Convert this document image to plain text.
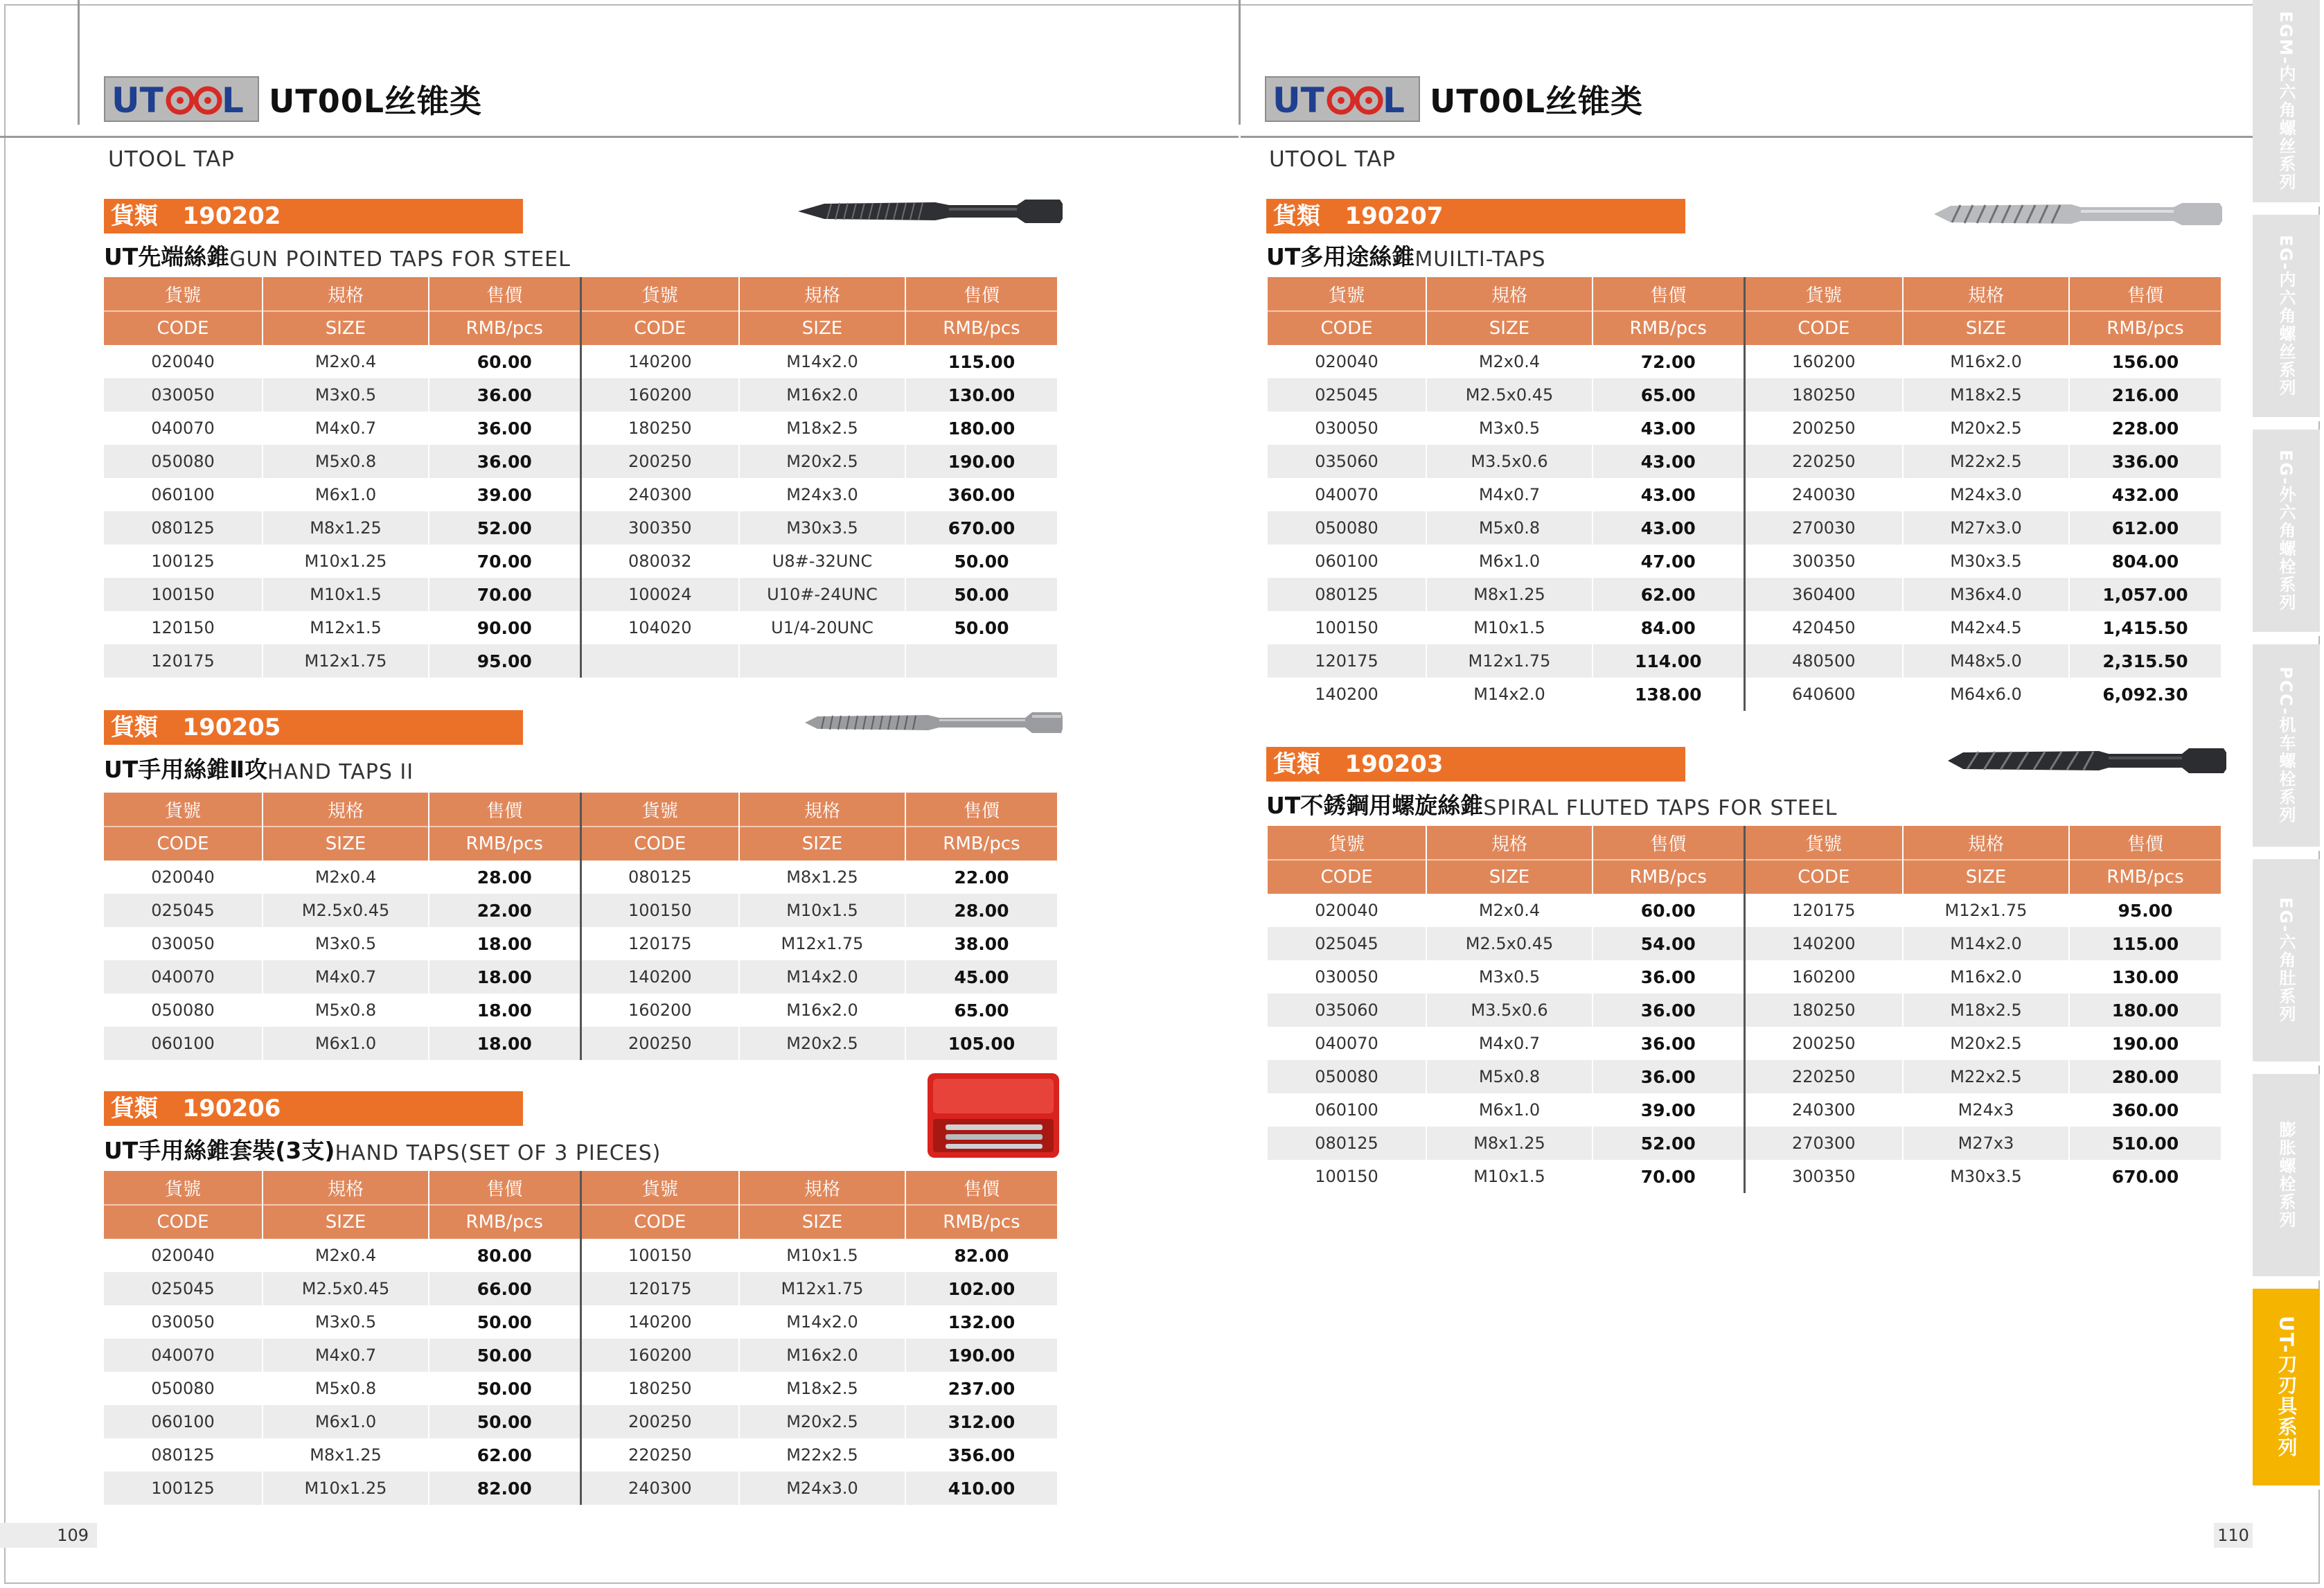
UT L UT00L丝锥类
UTOOL TAP
UT L UT00L丝锥类
UTOOL TAP
貨類   190202
UT先端絲錐 GUN POINTED TAPS FOR STEEL
貨號	規格	售價	貨號	規格	售價
CODE	SIZE	RMB/pcs	CODE	SIZE	RMB/pcs
020040	M2x0.4	60.00	140200	M14x2.0	115.00
030050	M3x0.5	36.00	160200	M16x2.0	130.00
040070	M4x0.7	36.00	180250	M18x2.5	180.00
050080	M5x0.8	36.00	200250	M20x2.5	190.00
060100	M6x1.0	39.00	240300	M24x3.0	360.00
080125	M8x1.25	52.00	300350	M30x3.5	670.00
100125	M10x1.25	70.00	080032	U8#-32UNC	50.00
100150	M10x1.5	70.00	100024	U10#-24UNC	50.00
120150	M12x1.5	90.00	104020	U1/4-20UNC	50.00
120175	M12x1.75	95.00			
貨類   190205
UT手用絲錐Ⅱ攻 HAND TAPS II
貨號	規格	售價	貨號	規格	售價
CODE	SIZE	RMB/pcs	CODE	SIZE	RMB/pcs
020040	M2x0.4	28.00	080125	M8x1.25	22.00
025045	M2.5x0.45	22.00	100150	M10x1.5	28.00
030050	M3x0.5	18.00	120175	M12x1.75	38.00
040070	M4x0.7	18.00	140200	M14x2.0	45.00
050080	M5x0.8	18.00	160200	M16x2.0	65.00
060100	M6x1.0	18.00	200250	M20x2.5	105.00
貨類   190206
UT手用絲錐套裝(3支) HAND TAPS(SET OF 3 PIECES)
貨號	規格	售價	貨號	規格	售價
CODE	SIZE	RMB/pcs	CODE	SIZE	RMB/pcs
020040	M2x0.4	80.00	100150	M10x1.5	82.00
025045	M2.5x0.45	66.00	120175	M12x1.75	102.00
030050	M3x0.5	50.00	140200	M14x2.0	132.00
040070	M4x0.7	50.00	160200	M16x2.0	190.00
050080	M5x0.8	50.00	180250	M18x2.5	237.00
060100	M6x1.0	50.00	200250	M20x2.5	312.00
080125	M8x1.25	62.00	220250	M22x2.5	356.00
100125	M10x1.25	82.00	240300	M24x3.0	410.00
貨類   190207
UT多用途絲錐 MUILTI-TAPS
貨號	規格	售價	貨號	規格	售價
CODE	SIZE	RMB/pcs	CODE	SIZE	RMB/pcs
020040	M2x0.4	72.00	160200	M16x2.0	156.00
025045	M2.5x0.45	65.00	180250	M18x2.5	216.00
030050	M3x0.5	43.00	200250	M20x2.5	228.00
035060	M3.5x0.6	43.00	220250	M22x2.5	336.00
040070	M4x0.7	43.00	240030	M24x3.0	432.00
050080	M5x0.8	43.00	270030	M27x3.0	612.00
060100	M6x1.0	47.00	300350	M30x3.5	804.00
080125	M8x1.25	62.00	360400	M36x4.0	1,057.00
100150	M10x1.5	84.00	420450	M42x4.5	1,415.50
120175	M12x1.75	114.00	480500	M48x5.0	2,315.50
140200	M14x2.0	138.00	640600	M64x6.0	6,092.30
貨類   190203
UT不銹鋼用螺旋絲錐 SPIRAL FLUTED TAPS FOR STEEL
貨號	規格	售價	貨號	規格	售價
CODE	SIZE	RMB/pcs	CODE	SIZE	RMB/pcs
020040	M2x0.4	60.00	120175	M12x1.75	95.00
025045	M2.5x0.45	54.00	140200	M14x2.0	115.00
030050	M3x0.5	36.00	160200	M16x2.0	130.00
035060	M3.5x0.6	36.00	180250	M18x2.5	180.00
040070	M4x0.7	36.00	200250	M20x2.5	190.00
050080	M5x0.8	36.00	220250	M22x2.5	280.00
060100	M6x1.0	39.00	240300	M24x3	360.00
080125	M8x1.25	52.00	270300	M27x3	510.00
100150	M10x1.5	70.00	300350	M30x3.5	670.00
109	110
EGM-内六角螺丝系列
EG-内六角螺丝系列
EG-外六角螺栓系列
PCC-机车螺栓系列
EG-六角肚系列
膨胀螺栓系列
UT-刀刃具系列
